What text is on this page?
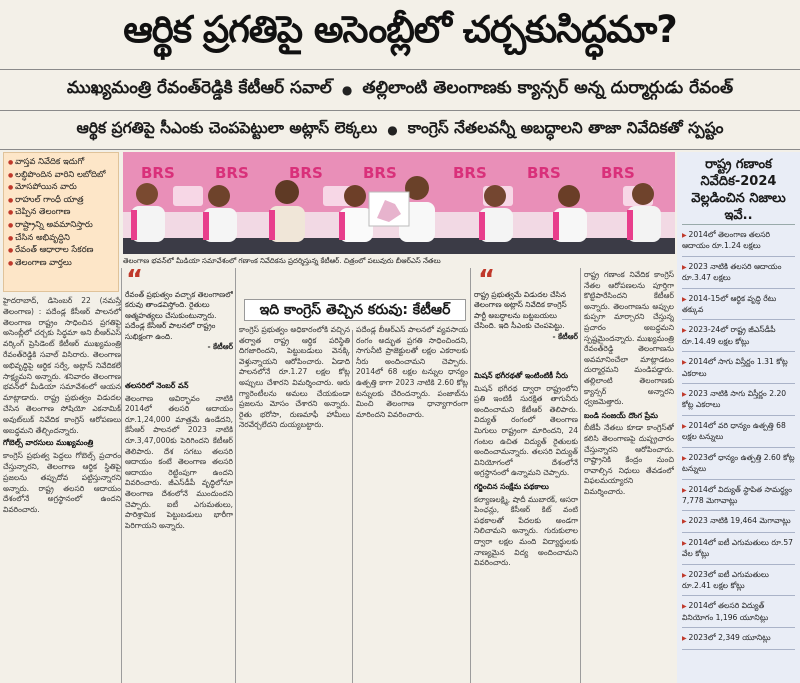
ఆర్థిక ప్రగతిపై అసెంబ్లీలో చర్చకుసిద్ధమా?
ముఖ్యమంత్రి రేవంత్‌రెడ్డికి కేటీఆర్‌ సవాల్‌ ● తల్లిలాంటి తెలంగాణకు క్యాన్సర్‌ అన్న దుర్మార్గుడు రేవంత్‌
ఆర్థిక ప్రగతిపై సీఎంకు చెంపపెట్టులా అట్లాస్‌ లెక్కలు ● కాంగ్రెస్‌ నేతలవన్నీ అబద్ధాలని తాజా నివేదికతో స్పష్టం
● వాస్తవ నివేదిక ఇదుగో
● లబ్ధిపొందిన వారిని లబోదిబో
● మోసపోయిన వారు
● రాహుల్‌ గాంధీ యాత్ర
● చెప్పిన తెలంగాణ
● రాష్ట్రాన్ని అవమానిస్తారు
● చేసిన అభివృద్ధిని
● రేవంత్‌ ఆధారాల సేకరణ
● తెలంగాణ వార్తలు
హైదరాబాద్‌, డిసెంబర్‌ 22 (నమస్తే తెలంగాణ) : పదేండ్ల కేసీఆర్‌ పాలనలో తెలంగాణ రాష్ట్రం సాధించిన ప్రగతిపై అసెంబ్లీలో చర్చకు సిద్ధమా అని బీఆర్‌ఎస్‌ వర్కింగ్‌ ప్రెసిడెంట్‌ కేటీఆర్‌ ముఖ్యమంత్రి రేవంత్‌రెడ్డికి సవాల్‌ విసిరారు. తెలంగాణ అభివృద్ధిపై ఆర్థిక సర్వే, అట్లాస్‌ నివేదికలే సాక్ష్యమని అన్నారు. శనివారం తెలంగాణ భవన్‌లో మీడియా సమావేశంలో ఆయన మాట్లాడారు. రాష్ట్ర ప్రభుత్వం విడుదల చేసిన తెలంగాణ సోషియో ఎకనామిక్‌ అవుట్‌లుక్‌ నివేదిక కాంగ్రెస్‌ ఆరోపణలు అబద్ధమని తేల్చిందన్నారు.
గోబెల్స్‌ వారసులు ముఖ్యమంత్రి
కాంగ్రెస్‌ ప్రభుత్వ పెద్దలు గోబెల్స్‌ ప్రచారం చేస్తున్నారని, తెలంగాణ ఆర్థిక స్థితిపై ప్రజలను తప్పుదోవ పట్టిస్తున్నారని అన్నారు. రాష్ట్ర తలసరి ఆదాయం దేశంలోనే అగ్రస్థానంలో ఉందని వివరించారు.
BRS	BRS	BRS	BRS	BRS	BRS	BRS
తెలంగాణ భవన్‌లో మీడియా సమావేశంలో గణాంక నివేదికను ప్రదర్శిస్తున్న కేటీఆర్‌. చిత్రంలో పలువురు బీఆర్‌ఎస్‌ నేతలు
రాష్ట్ర గణాంక నివేదిక-2024 వెల్లడించిన నిజాలు ఇవే..
▶ 2014లో తెలంగాణ తలసరి ఆదాయం రూ.1.24 లక్షలు
▶ 2023 నాటికి తలసరి ఆదాయం రూ.3.47 లక్షలు
▶ 2014-15లో ఆర్థిక వృద్ధి రేటు తక్కువ
▶ 2023-24లో రాష్ట్ర జీఎస్‌డీపీ రూ.14.49 లక్షల కోట్లు
▶ 2014లో సాగు విస్తీర్ణం 1.31 కోట్ల ఎకరాలు
▶ 2023 నాటికి సాగు విస్తీర్ణం 2.20 కోట్ల ఎకరాలు
▶ 2014లో వరి ధాన్యం ఉత్పత్తి 68 లక్షల టన్నులు
▶ 2023లో ధాన్యం ఉత్పత్తి 2.60 కోట్ల టన్నులు
▶ 2014లో విద్యుత్‌ స్థాపిత సామర్థ్యం 7,778 మెగావాట్లు
▶ 2023 నాటికి 19,464 మెగావాట్లు
▶ 2014లో ఐటీ ఎగుమతులు రూ.57 వేల కోట్లు
▶ 2023లో ఐటీ ఎగుమతులు రూ.2.41 లక్షల కోట్లు
▶ 2014లో తలసరి విద్యుత్‌ వినియోగం 1,196 యూనిట్లు
▶ 2023లో 2,349 యూనిట్లు
“
రేవంత్‌ ప్రభుత్వం వచ్చాక తెలంగాణలో కరువు తాండవిస్తోంది. రైతులు ఆత్మహత్యలు చేసుకుంటున్నారు. పదేండ్ల కేసీఆర్‌ పాలనలో రాష్ట్రం సుభిక్షంగా ఉంది.
- కేటీఆర్‌
ఇది కాంగ్రెస్‌ తెచ్చిన కరువు: కేటీఆర్‌
“
రాష్ట్ర ప్రభుత్వమే విడుదల చేసిన తెలంగాణ అట్లాస్‌ నివేదిక కాంగ్రెస్‌ పార్టీ అబద్ధాలను బట్టబయలు చేసింది. ఇది సీఎంకు చెంపపెట్టు.
- కేటీఆర్‌
తలసరిలో నెంబర్‌ వన్‌
తెలంగాణ ఆవిర్భావం నాటికి 2014లో తలసరి ఆదాయం రూ.1,24,000 మాత్రమే ఉండేదని, కేసీఆర్‌ పాలనలో 2023 నాటికి రూ.3,47,000కు పెరిగిందని కేటీఆర్‌ తెలిపారు. దేశ సగటు తలసరి ఆదాయం కంటే తెలంగాణ తలసరి ఆదాయం రెట్టింపుగా ఉందని వివరించారు. జీఎస్‌డీపీ వృద్ధిలోనూ తెలంగాణ దేశంలోనే ముందుందని చెప్పారు. ఐటీ ఎగుమతులు, పారిశ్రామిక పెట్టుబడులు భారీగా పెరిగాయని అన్నారు.
కాంగ్రెస్‌ ప్రభుత్వం అధికారంలోకి వచ్చిన తర్వాత రాష్ట్ర ఆర్థిక పరిస్థితి దిగజారిందని, పెట్టుబడులు వెనక్కి వెళ్తున్నాయని ఆరోపించారు. ఏడాది పాలనలోనే రూ.1.27 లక్షల కోట్ల అప్పులు చేశారని విమర్శించారు. ఆరు గ్యారెంటీలను అమలు చేయకుండా ప్రజలను మోసం చేశారని అన్నారు. రైతు భరోసా, రుణమాఫీ హామీలు నెరవేర్చలేదని దుయ్యబట్టారు.
పదేండ్ల బీఆర్‌ఎస్‌ పాలనలో వ్యవసాయ రంగం అద్భుత ప్రగతి సాధించిందని, సాగునీటి ప్రాజెక్టులతో లక్షల ఎకరాలకు నీరు అందించామని చెప్పారు. 2014లో 68 లక్షల టన్నుల ధాన్యం ఉత్పత్తి కాగా 2023 నాటికి 2.60 కోట్ల టన్నులకు చేరిందన్నారు. పంజాబ్‌ను మించి తెలంగాణ ధాన్యాగారంగా మారిందని వివరించారు.
మిషన్‌ భగీరథతో ఇంటింటికీ నీరు
మిషన్‌ భగీరథ ద్వారా రాష్ట్రంలోని ప్రతి ఇంటికీ సురక్షిత తాగునీరు అందించామని కేటీఆర్‌ తెలిపారు. విద్యుత్‌ రంగంలో తెలంగాణ మిగులు రాష్ట్రంగా మారిందని, 24 గంటల ఉచిత విద్యుత్‌ రైతులకు అందించామన్నారు. తలసరి విద్యుత్‌ వినియోగంలో దేశంలోనే అగ్రస్థానంలో ఉన్నామని చెప్పారు.
గర్జించిన సంక్షేమ పథకాలు
కల్యాణలక్ష్మి, షాదీ ముబారక్‌, ఆసరా పింఛన్లు, కేసీఆర్‌ కిట్‌ వంటి పథకాలతో పేదలకు అండగా నిలిచామని అన్నారు. గురుకులాల ద్వారా లక్షల మంది విద్యార్థులకు నాణ్యమైన విద్య అందించామని వివరించారు.
రాష్ట్ర గణాంక నివేదిక కాంగ్రెస్‌ నేతల ఆరోపణలను పూర్తిగా కొట్టిపారేసిందని కేటీఆర్‌ అన్నారు. తెలంగాణను అప్పుల కుప్పగా మార్చారని చేస్తున్న ప్రచారం అబద్ధమని స్పష్టమైందన్నారు. ముఖ్యమంత్రి రేవంత్‌రెడ్డి తెలంగాణను అవమానించేలా మాట్లాడటం దుర్మార్గమని మండిపడ్డారు. తల్లిలాంటి తెలంగాణకు క్యాన్సర్‌ అన్నారని ధ్వజమెత్తారు.
బండి సంజయ్‌ దొంగ ప్రేమ
బీజేపీ నేతలు కూడా కాంగ్రెస్‌తో కలిసి తెలంగాణపై దుష్ప్రచారం చేస్తున్నారని ఆరోపించారు. రాష్ట్రానికి కేంద్రం నుంచి రావాల్సిన నిధులు తేవడంలో విఫలమయ్యారని విమర్శించారు.
